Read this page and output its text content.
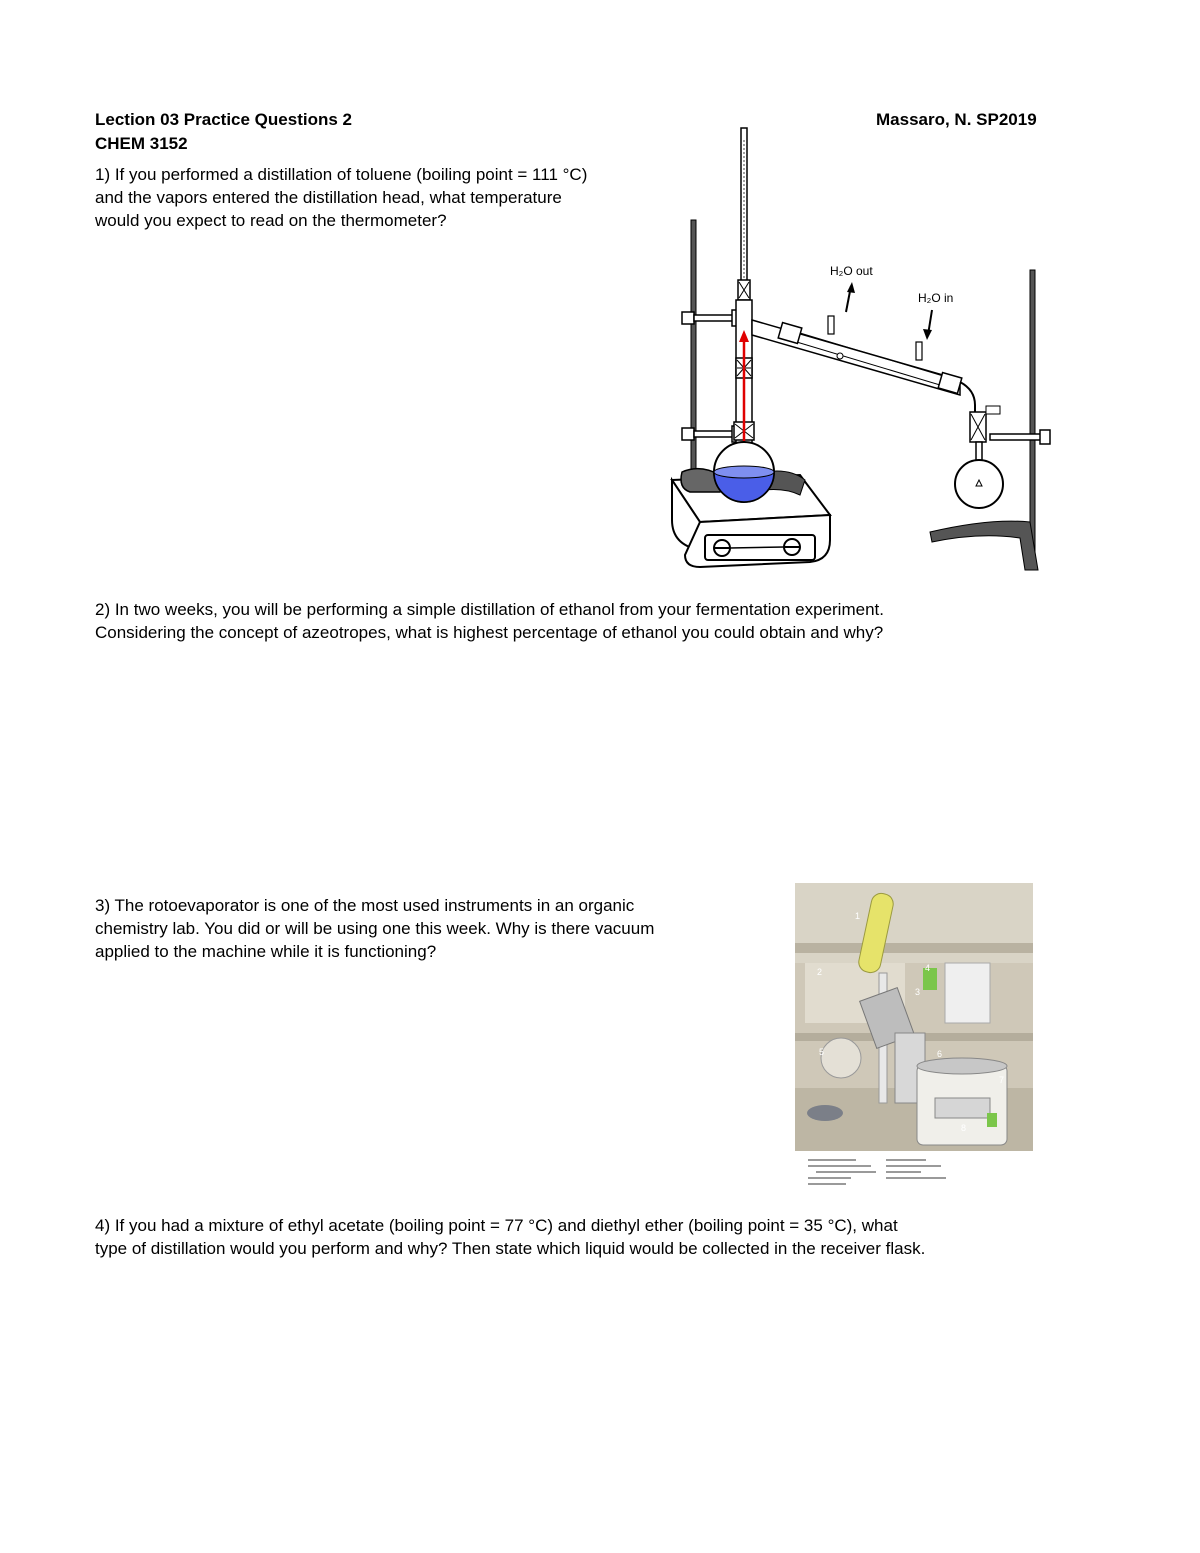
Lection 03 Practice Questions 2
CHEM 3152
Massaro, N. SP2019
1) If you performed a distillation of toluene (boiling point = 111 °C)
and the vapors entered the distillation head, what temperature
would you expect to read on the thermometer?
H₂O out
H₂O in
2) In two weeks, you will be performing a simple distillation of ethanol from your fermentation experiment.
Considering the concept of azeotropes, what is highest percentage of ethanol you could obtain and why?
3) The rotoevaporator is one of the most used instruments in an organic
chemistry lab. You did or will be using one this week. Why is there vacuum
applied to the machine while it is functioning?
2	4
3
5	6
7
8
1
4) If you had a mixture of ethyl acetate (boiling point = 77 °C) and diethyl ether (boiling point = 35 °C), what
type of distillation would you perform and why? Then state which liquid would be collected in the receiver flask.
